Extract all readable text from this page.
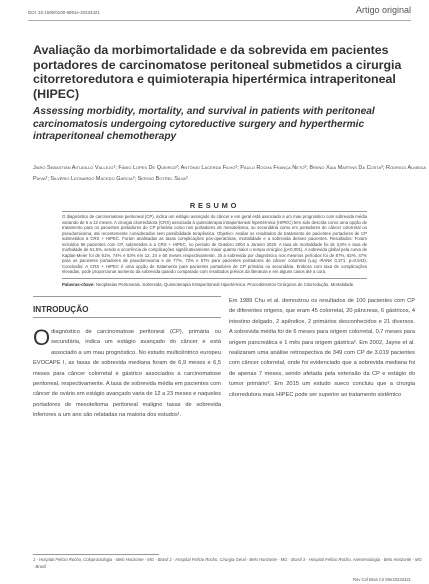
DOI: 10.1590/0100-6991e-20233421	Artigo original
Avaliação da morbimortalidade e da sobrevida em pacientes portadores de carcinomatose peritoneal submetidos a cirurgia citorretoredutora e quimioterapia hipertérmica intraperitoneal (HIPEC)
Assessing morbidity, mortality, and survival in patients with peritoneal carcinomatosis undergoing cytoreductive surgery and hyperthermic intraperitoneal chemotherapy
Jairo Sebastián Aitudillo Vallejo¹; Fábio Lopes De Queiroz²; Antônio Lacerda Filho²; Paulo Rocha França Neto²; Breno Xaia Martins Da Costa²; Rodrigo Almeida Paiva²; Silvério Leonardo Macedo Garcia²; Sergio Botrel Silva²
RESUMO
O diagnóstico de carcinomatose peritoneal (CP), indica um estágio avançado do câncer e em geral está associado a um mau prognóstico com sobrevida média variando de 6 a 12 meses. A cirurgia citorredutora (CRS) associada à quimioterapia intraperitoneal hipertérmica (HIPEC) tem sido descrita como uma opção de tratamento para os pacientes portadores de CP primária como nos portadores de mesotelioma, ou secundária como em portadores de câncer colorretal ou pseudomixoma, até recentemente considerados sem possibilidade terapêutica. Objetivo: Avaliar os resultados do tratamento de pacientes portadores de CP submetidos a CRS + HIPEC. Foram analisadas as taxas complicações pós-operatórias, mortalidade e a sobrevida desses pacientes. Resultados: Foram incluídos 56 pacientes com CP, submetidos a a CRS + HIPEC, no período de Outubro 2004 a Janeiro 2020. A taxa de mortalidade foi de 3,8% e taxa de morbidade de 61,5%, sendo a ocorrência de complicações significativamente maior quanto maior o tempo cirúrgico (p<0,001). A sobrevida global pela curva de Kaplan-Meier foi de 81%, 74% e 53% em 12, 24 e 60 meses respectivamente. Já a sobrevida por diagnóstico nos mesmos períodos foi de 87%, 82%, 47% para os pacientes portadores de pseudomixoma e de 77%, 72% e 57% para pacientes portadores de câncer colorretal (Log -RANK 0,371, p=0,543). Conclusão: A CRS + HIPEC é uma opção de tratamento para pacientes portadores de CP primária ou secundária. Embora com taxa de complicações elevadas, pode proporcionar aumento da sobrevida quando comparado com resultados prévios da literatura e em alguns casos até a cura.
Palavras-chave: Neoplasias Peritoneais. Sobrevida. Quimioterapia Intraperitoneal Hipertérmica. Procedimentos Cirúrgicos de Citorredução. Mortalidade.
INTRODUÇÃO

Odiagnóstico de carcinomatose peritoneal (CP), primária ou secundária, indica um estágio avançado do câncer e está associado a um mau prognóstico. No estudo multicêntrico europeu EVOCAPE I, as taxas de sobrevida mediana foram de 6,9 meses e 6,5 meses para câncer colorretal e gástrico associados a carcinomatose peritoneal, respectivamente. A taxa de sobrevida média em pacientes com câncer de ovário em estágio avançado varia de 12 a 23 meses e naqueles portadores de mesotelioma peritoneal maligno taxas de sobrevida inferiores a um ano são relatadas na maioria dos estudos¹.

Em 1989 Chu et al. demostrou os resultados de 100 pacientes com CP de diferentes origens, que eram 45 colorretal, 20 pâncreas, 6 gástricos, 4 intestino delgado, 2 apêndice, 2 primários desconhecidos e 21 diversos. A sobrevida média foi de 6 meses para origem colorretal, 0,7 meses para origem pancreática e 1 mês para origem gástrica². Em 2002, Jayne et al. realizaram uma análise retrospectiva de 349 com CP de 3.019 pacientes com câncer colorretal, onde foi evidenciado que a sobrevida mediana foi de apenas 7 meses, sendo afetada pela extensão da CP e estágio do tumor primário³. Em 2015 um estudo sueco concluiu que a cirurgia citorredutora mais HIPEC pode ser superior ao tratamento sistêmico

1 - Hospital Felício Rocho, Coloproctologia - Belo Horizonte - MG - Brasil 2 - Hospital Felício Rocho, Cirurgia Geral - Belo Horizonte - MG - Brasil 3 - Hospital Felício Rocho, Anestesiologia - Belo Horizonte - MG - Brasil
Rev Col Bras Cir 50e20233421
